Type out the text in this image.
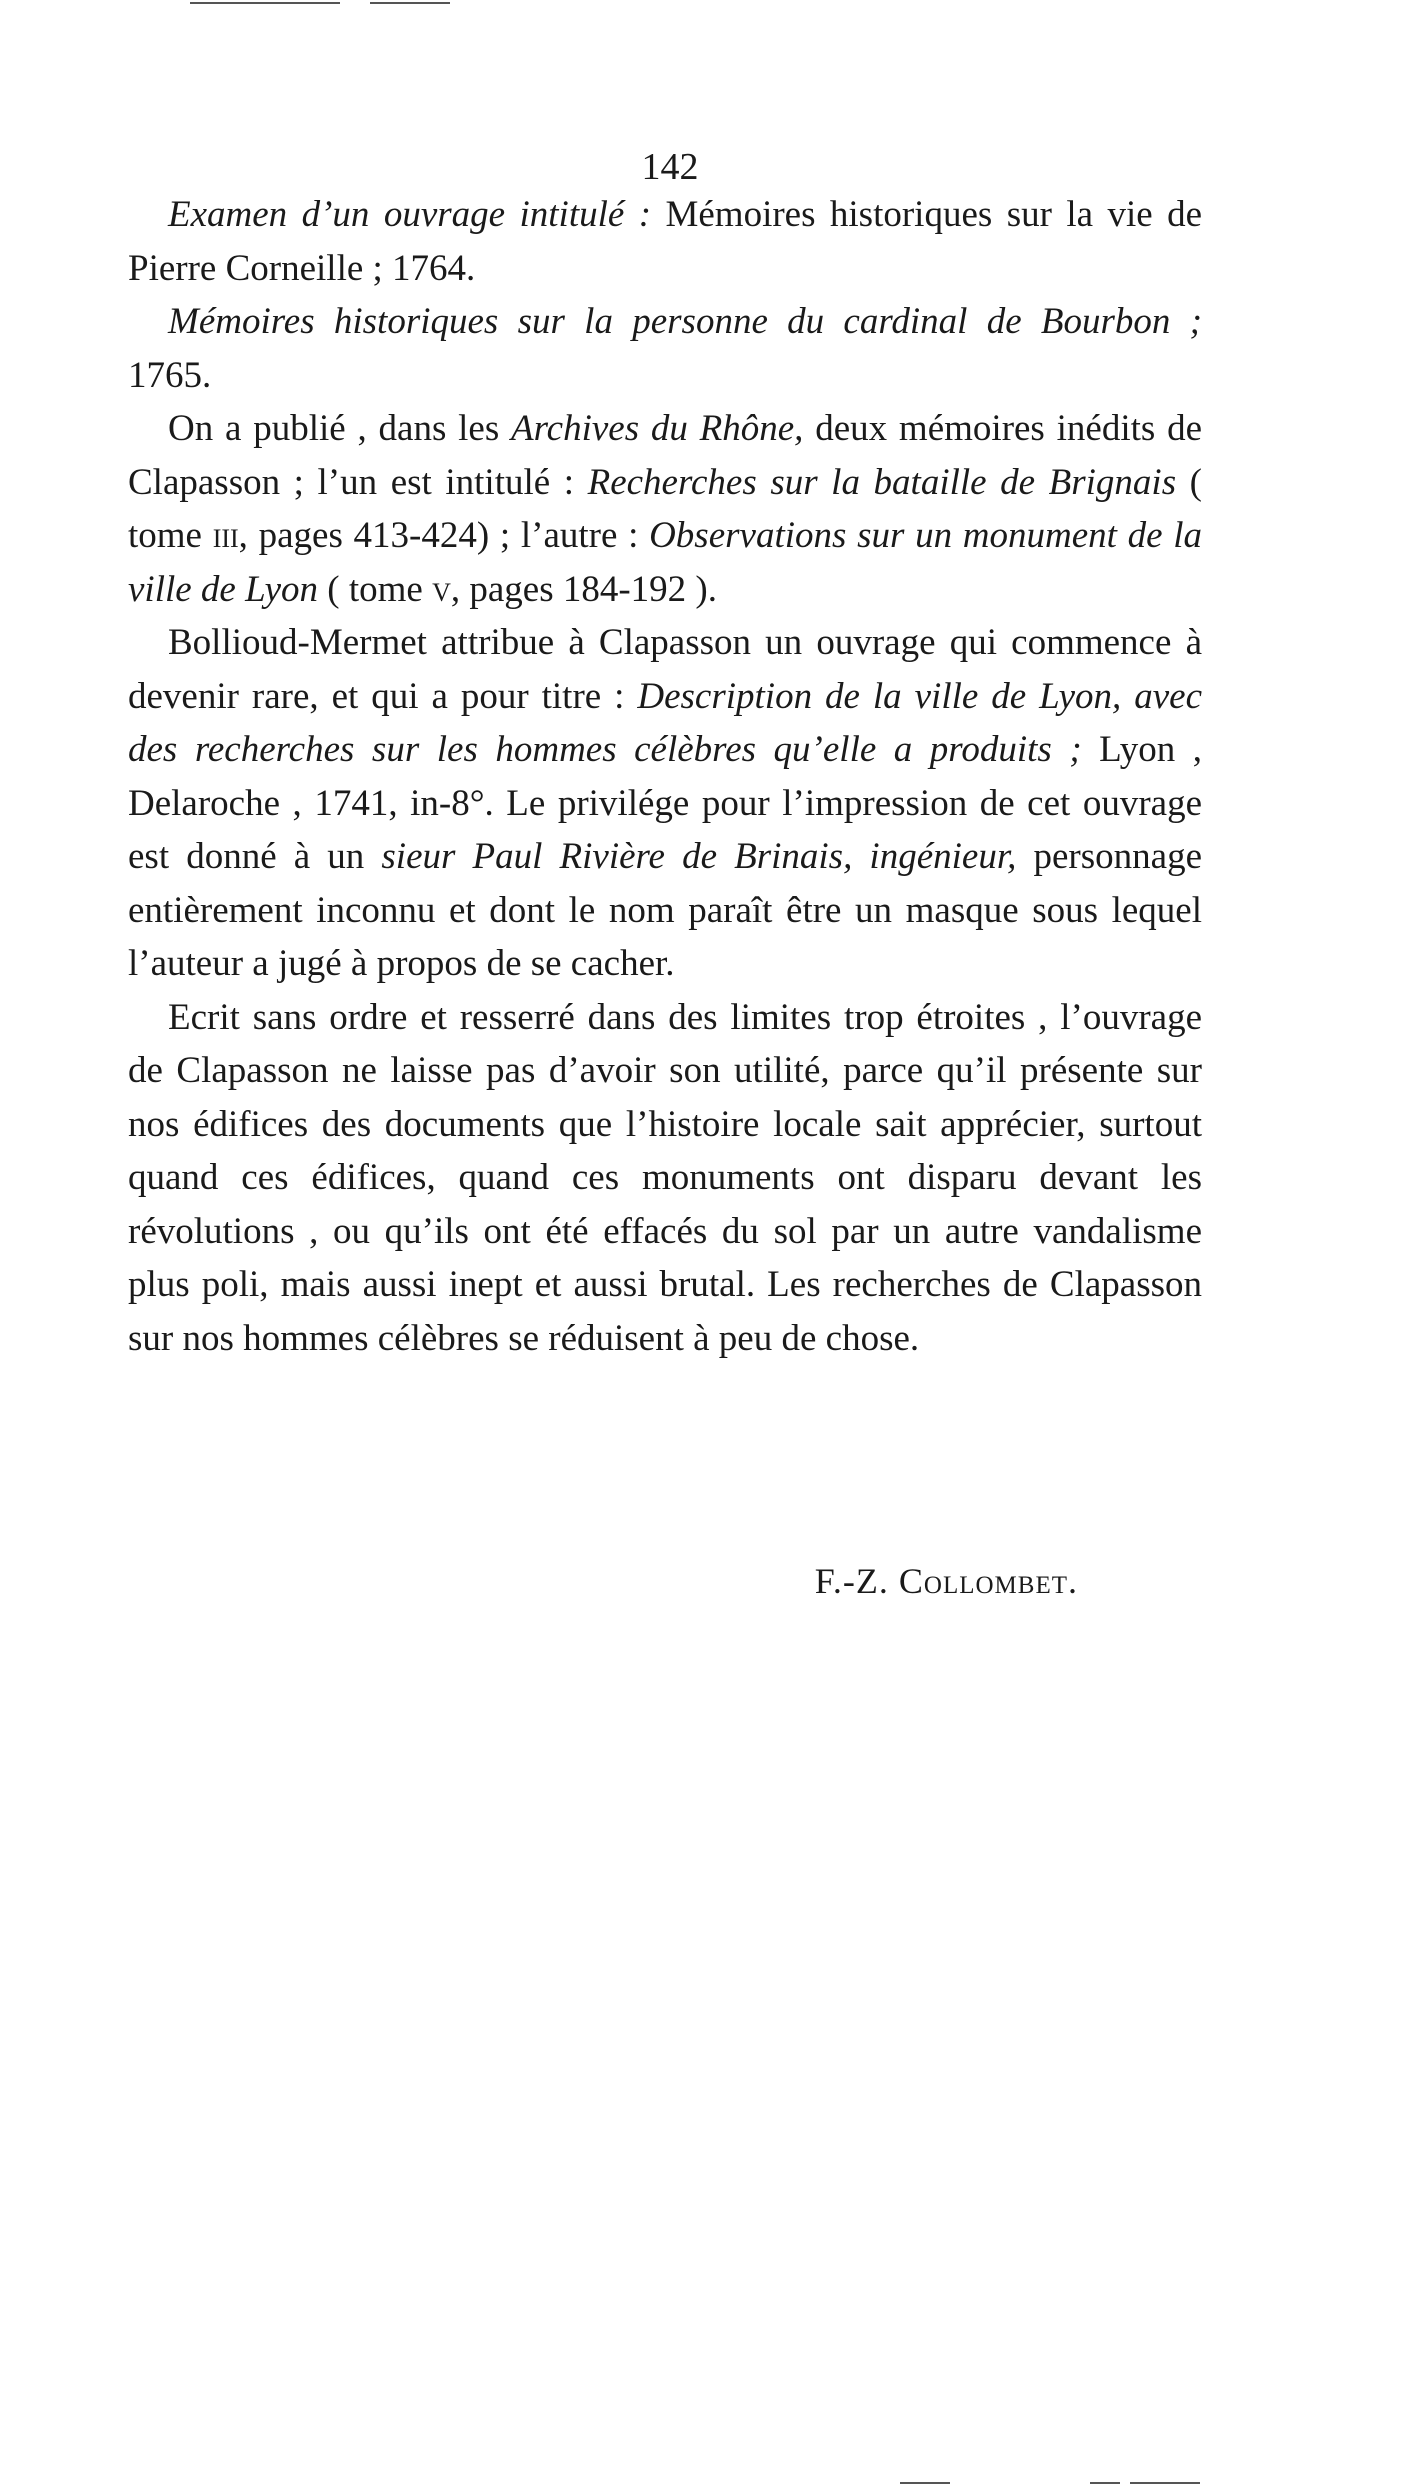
142

Examen d’un ouvrage intitulé : Mémoires historiques sur la vie de Pierre Corneille ; 1764.

Mémoires historiques sur la personne du cardinal de Bourbon ; 1765.

On a publié , dans les Archives du Rhône, deux mémoires inédits de Clapasson ; l’un est intitulé : Recherches sur la bataille de Brignais ( tome iii, pages 413-424) ; l’autre : Observations sur un monument de la ville de Lyon ( tome v, pages 184-192 ).

Bollioud-Mermet attribue à Clapasson un ouvrage qui commence à devenir rare, et qui a pour titre : Description de la ville de Lyon, avec des recherches sur les hommes célèbres qu’elle a produits ; Lyon , Delaroche , 1741, in-8°. Le privilége pour l’impression de cet ouvrage est donné à un sieur Paul Rivière de Brinais, ingénieur, personnage entièrement inconnu et dont le nom paraît être un masque sous lequel l’auteur a jugé à propos de se cacher.

Ecrit sans ordre et resserré dans des limites trop étroites , l’ouvrage de Clapasson ne laisse pas d’avoir son utilité, parce qu’il présente sur nos édifices des documents que l’histoire locale sait apprécier, surtout quand ces édifices, quand ces monuments ont disparu devant les révolutions , ou qu’ils ont été effacés du sol par un autre vandalisme plus poli, mais aussi inept et aussi brutal. Les recherches de Clapasson sur nos hommes célèbres se réduisent à peu de chose.

F.-Z. Collombet.
